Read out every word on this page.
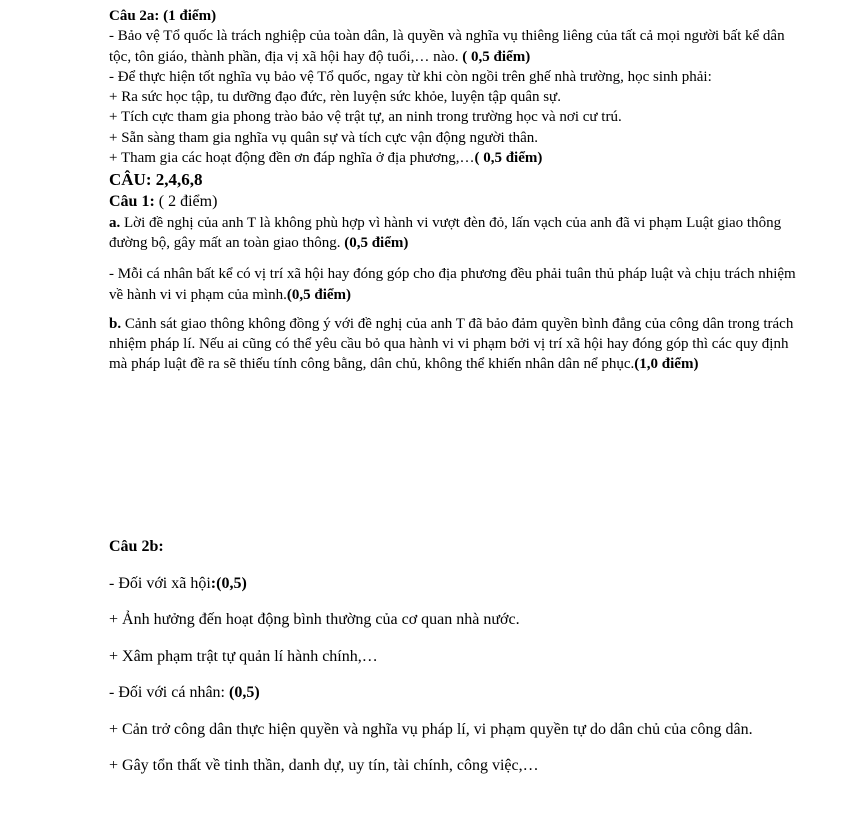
Câu 2a: (1 điểm)

- Bảo vệ Tổ quốc là trách nghiệp của toàn dân, là quyền và nghĩa vụ thiêng liêng của tất cả mọi người bất kể dân tộc, tôn giáo, thành phần, địa vị xã hội hay độ tuổi,… nào. ( 0,5 điểm)

- Để thực hiện tốt nghĩa vụ bảo vệ Tổ quốc, ngay từ khi còn ngồi trên ghế nhà trường, học sinh phải:

+ Ra sức học tập, tu dưỡng đạo đức, rèn luyện sức khỏe, luyện tập quân sự.

+ Tích cực tham gia phong trào bảo vệ trật tự, an ninh trong trường học và nơi cư trú.

+ Sẵn sàng tham gia nghĩa vụ quân sự và tích cực vận động người thân.

+ Tham gia các hoạt động đền ơn đáp nghĩa ở địa phương,…( 0,5 điểm)

CÂU: 2,4,6,8

Câu 1: ( 2 điểm)

a. Lời đề nghị của anh T là không phù hợp vì hành vi vượt đèn đỏ, lấn vạch của anh đã vi phạm Luật giao thông đường bộ, gây mất an toàn giao thông. (0,5 điểm)

- Mỗi cá nhân bất kể có vị trí xã hội hay đóng góp cho địa phương đều phải tuân thủ pháp luật và chịu trách nhiệm về hành vi vi phạm của mình.(0,5 điểm)

b. Cảnh sát giao thông không đồng ý với đề nghị của anh T đã bảo đảm quyền bình đẳng của công dân trong trách nhiệm pháp lí. Nếu ai cũng có thể yêu cầu bỏ qua hành vi vi phạm bởi vị trí xã hội hay đóng góp thì các quy định mà pháp luật đề ra sẽ thiếu tính công bằng, dân chủ, không thể khiến nhân dân nể phục.(1,0 điểm)

Câu 2b:

- Đối với xã hội:(0,5)

+ Ảnh hưởng đến hoạt động bình thường của cơ quan nhà nước.

+ Xâm phạm trật tự quản lí hành chính,…

- Đối với cá nhân: (0,5)

+ Cản trở công dân thực hiện quyền và nghĩa vụ pháp lí, vi phạm quyền tự do dân chủ của công dân.

+ Gây tổn thất về tinh thần, danh dự, uy tín, tài chính, công việc,…
